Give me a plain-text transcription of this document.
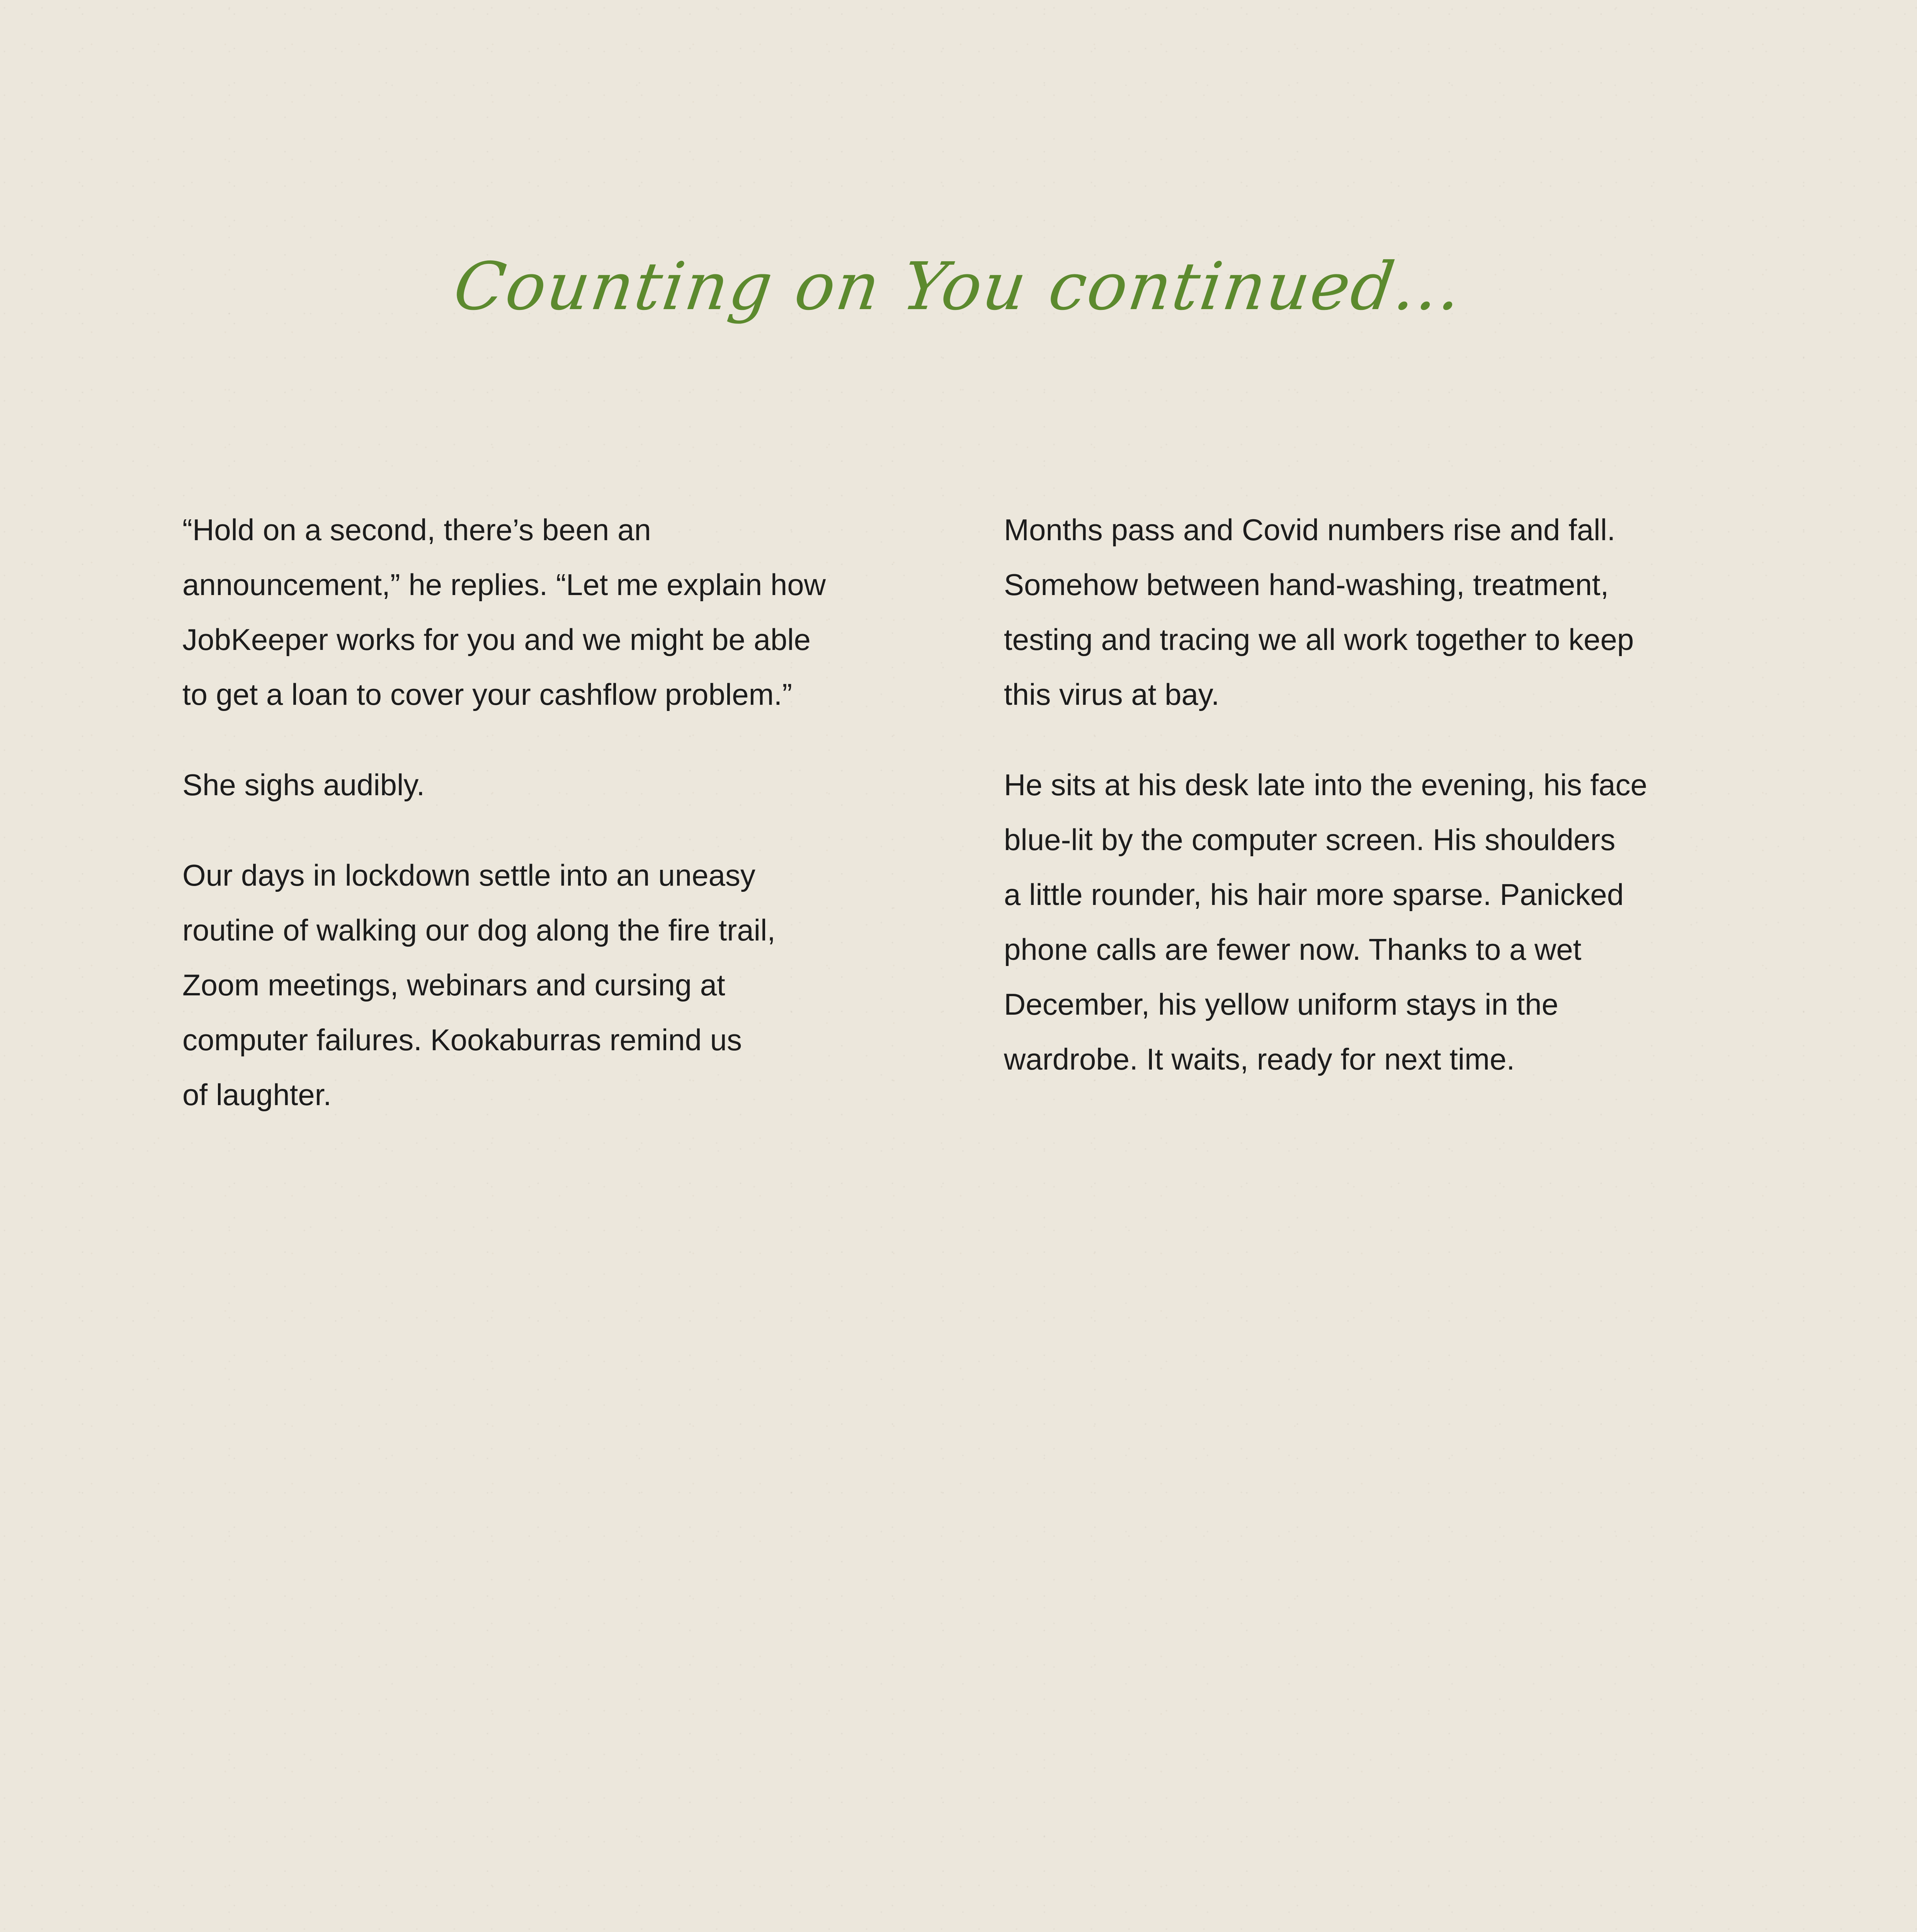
Counting on You continued...

“Hold on a second, there’s been an
announcement,” he replies. “Let me explain how
JobKeeper works for you and we might be able
to get a loan to cover your cashflow problem.”

She sighs audibly.

Our days in lockdown settle into an uneasy
routine of walking our dog along the fire trail,
Zoom meetings, webinars and cursing at
computer failures. Kookaburras remind us
of laughter.

Months pass and Covid numbers rise and fall.
Somehow between hand-washing, treatment,
testing and tracing we all work together to keep
this virus at bay.

He sits at his desk late into the evening, his face
blue-lit by the computer screen. His shoulders
a little rounder, his hair more sparse. Panicked
phone calls are fewer now. Thanks to a wet
December, his yellow uniform stays in the
wardrobe. It waits, ready for next time.
